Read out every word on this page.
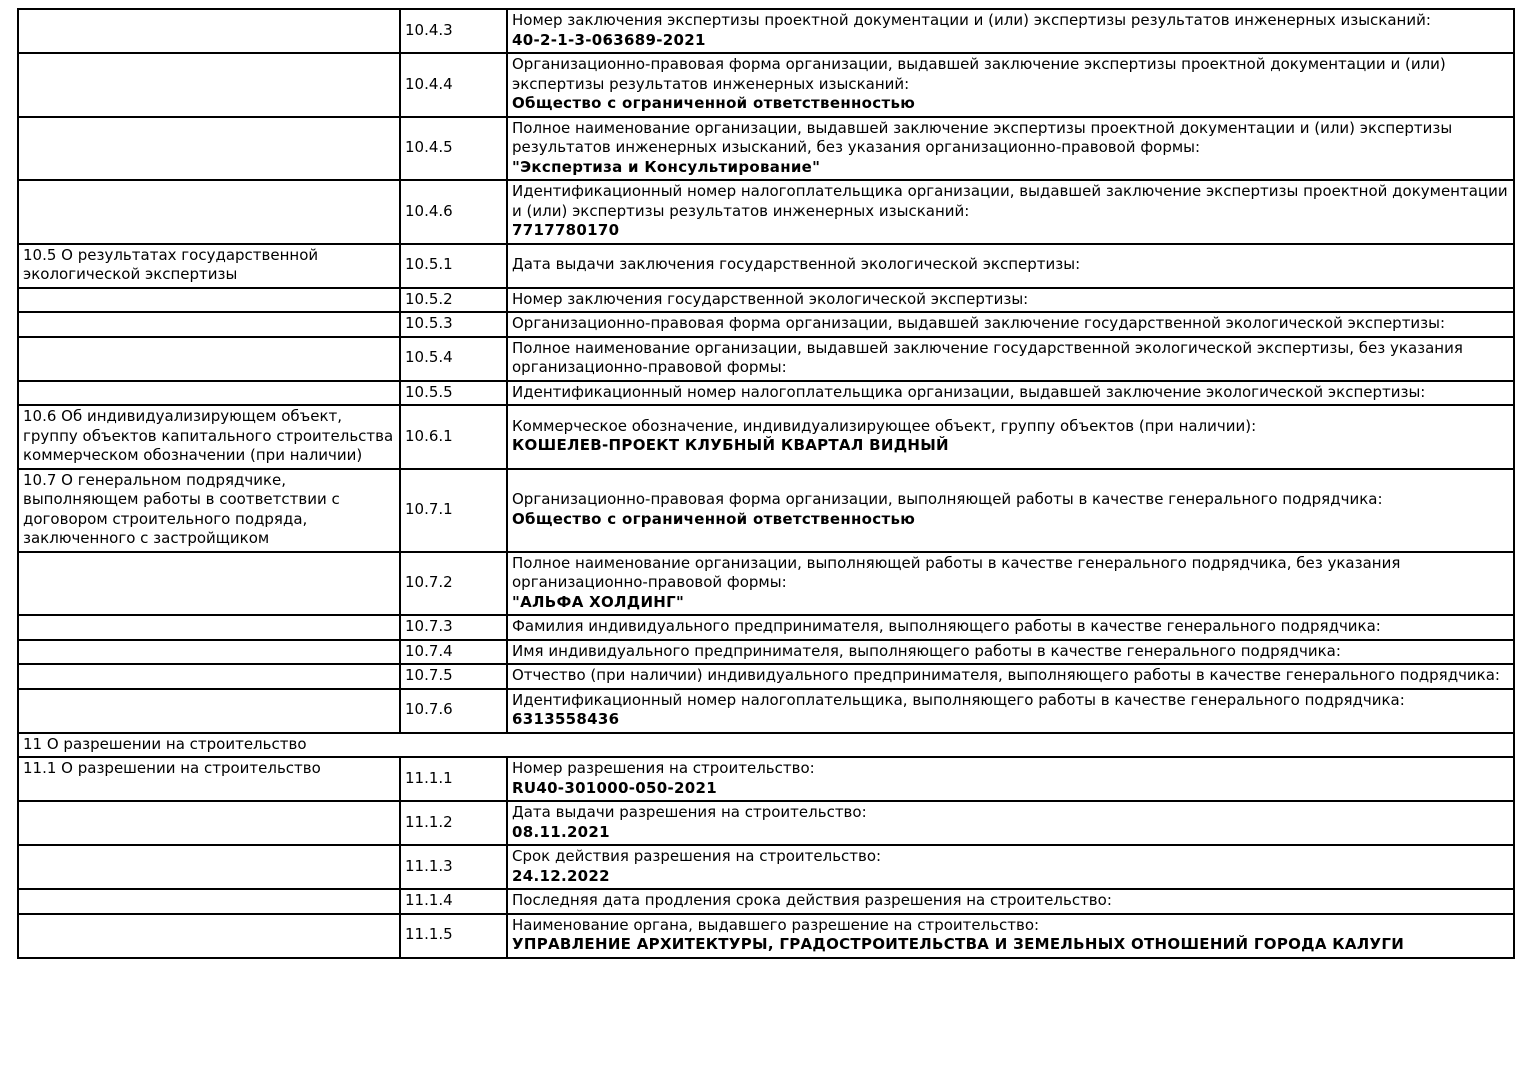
	10.4.3	Номер заключения экспертизы проектной документации и (или) экспертизы результатов инженерных изысканий:
40-2-1-3-063689-2021

	10.4.4	Организационно-правовая форма организации, выдавшей заключение экспертизы проектной документации и (или) экспертизы результатов инженерных изысканий:
Общество с ограниченной ответственностью

	10.4.5	Полное наименование организации, выдавшей заключение экспертизы проектной документации и (или) экспертизы результатов инженерных изысканий, без указания организационно-правовой формы:
"Экспертиза и Консультирование"

	10.4.6	Идентификационный номер налогоплательщика организации, выдавшей заключение экспертизы проектной документации и (или) экспертизы результатов инженерных изысканий:
7717780170

10.5 О результатах государственной экологической экспертизы	10.5.1	Дата выдачи заключения государственной экологической экспертизы:

	10.5.2	Номер заключения государственной экологической экспертизы:

	10.5.3	Организационно-правовая форма организации, выдавшей заключение государственной экологической экспертизы:

	10.5.4	Полное наименование организации, выдавшей заключение государственной экологической экспертизы, без указания организационно-правовой формы:

	10.5.5	Идентификационный номер налогоплательщика организации, выдавшей заключение экологической экспертизы:

10.6 Об индивидуализирующем объект, группу объектов капитального строительства коммерческом обозначении (при наличии)	10.6.1	Коммерческое обозначение, индивидуализирующее объект, группу объектов (при наличии):
КОШЕЛЕВ-ПРОЕКТ КЛУБНЫЙ КВАРТАЛ ВИДНЫЙ

10.7 О генеральном подрядчике, выполняющем работы в соответствии с договором строительного подряда, заключенного с застройщиком	10.7.1	Организационно-правовая форма организации, выполняющей работы в качестве генерального подрядчика:
Общество с ограниченной ответственностью

	10.7.2	Полное наименование организации, выполняющей работы в качестве генерального подрядчика, без указания организационно-правовой формы:
"АЛЬФА ХОЛДИНГ"

	10.7.3	Фамилия индивидуального предпринимателя, выполняющего работы в качестве генерального подрядчика:

	10.7.4	Имя индивидуального предпринимателя, выполняющего работы в качестве генерального подрядчика:

	10.7.5	Отчество (при наличии) индивидуального предпринимателя, выполняющего работы в качестве генерального подрядчика:

	10.7.6	Идентификационный номер налогоплательщика, выполняющего работы в качестве генерального подрядчика:
6313558436

11 О разрешении на строительство		
11.1 О разрешении на строительство	11.1.1	Номер разрешения на строительство:
RU40-301000-050-2021

	11.1.2	Дата выдачи разрешения на строительство:
08.11.2021

	11.1.3	Срок действия разрешения на строительство:
24.12.2022

	11.1.4	Последняя дата продления срока действия разрешения на строительство:

	11.1.5	Наименование органа, выдавшего разрешение на строительство:
УПРАВЛЕНИЕ АРХИТЕКТУРЫ, ГРАДОСТРОИТЕЛЬСТВА И ЗЕМЕЛЬНЫХ ОТНОШЕНИЙ ГОРОДА КАЛУГИ
